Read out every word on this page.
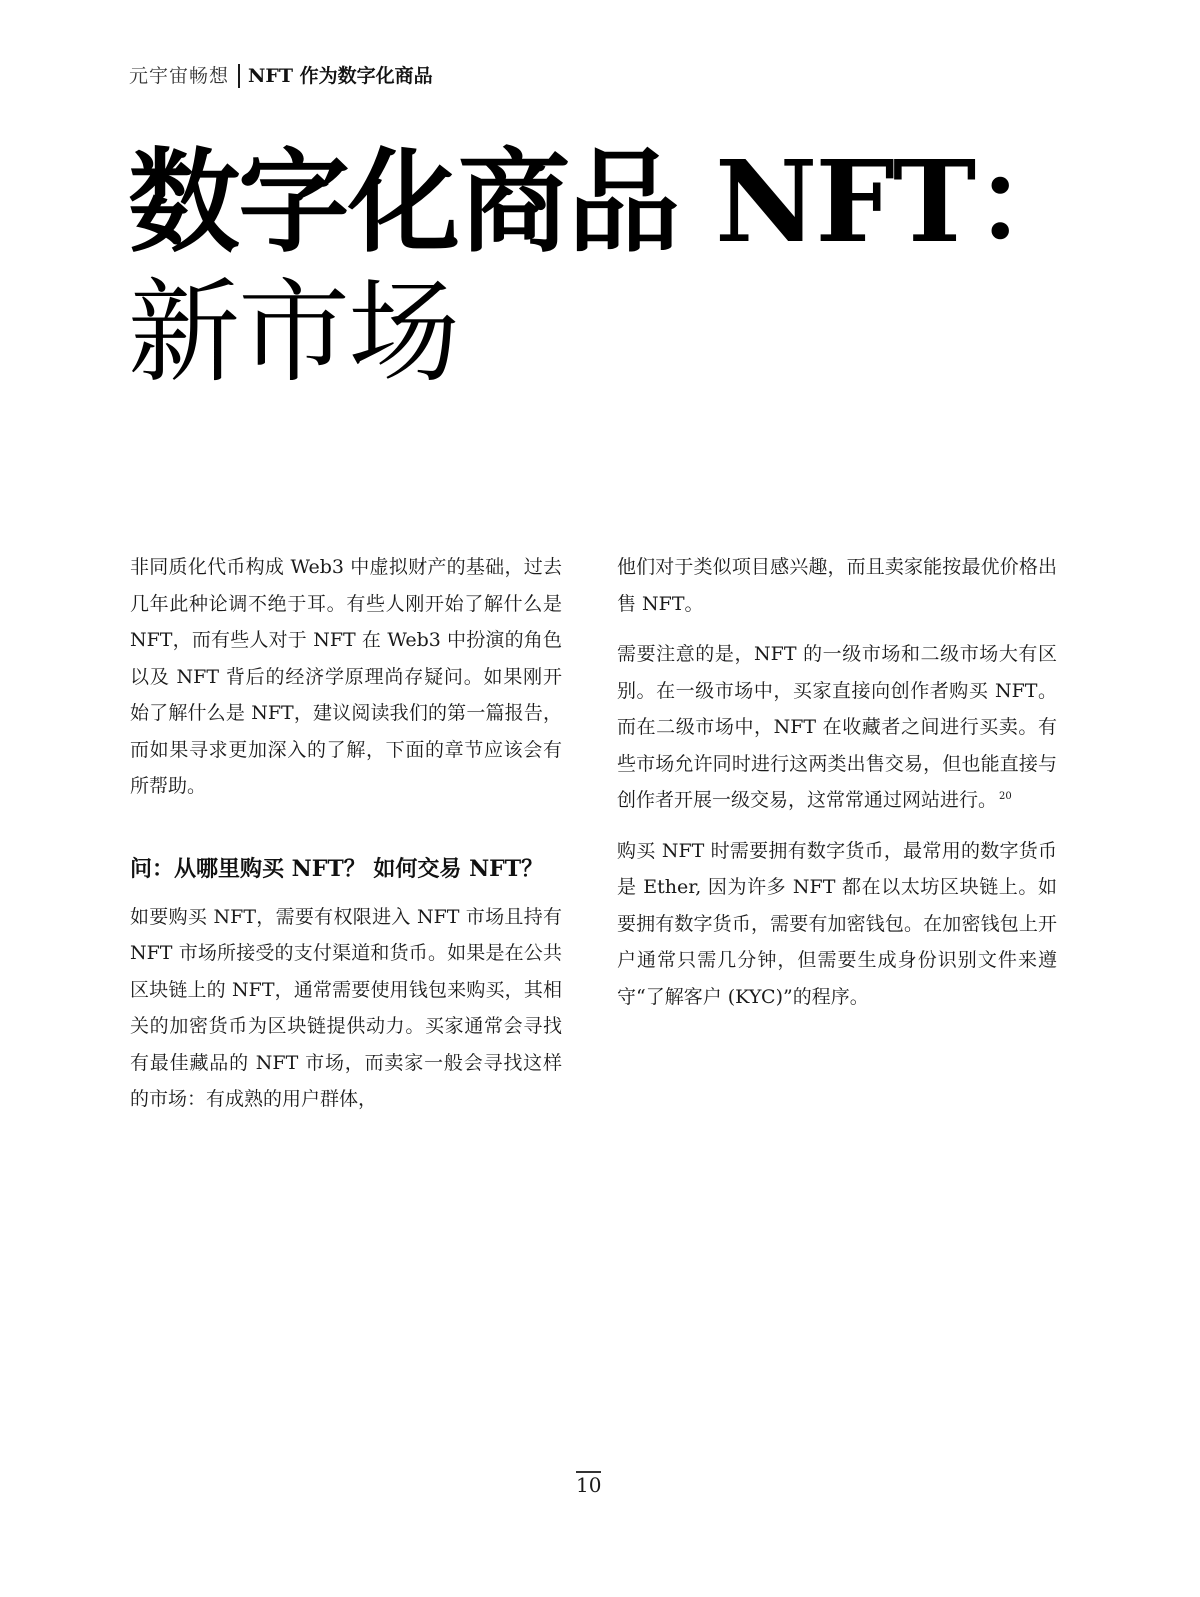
元宇宙畅想 NFT 作为数字化商品
数字化商品 NFT：
新市场

非同质化代币构成 Web3 中虚拟财产的基础，过去几年此种论调不绝于耳。有些人刚开始了解什么是 NFT，而有些人对于 NFT 在 Web3 中扮演的角色以及 NFT 背后的经济学原理尚存疑问。如果刚开始了解什么是 NFT，建议阅读我们的第一篇报告，而如果寻求更加深入的了解，下面的章节应该会有所帮助。

问：从哪里购买 NFT？ 如何交易 NFT？

如要购买 NFT，需要有权限进入 NFT 市场且持有 NFT 市场所接受的支付渠道和货币。如果是在公共区块链上的 NFT，通常需要使用钱包来购买，其相关的加密货币为区块链提供动力。买家通常会寻找有最佳藏品的 NFT 市场，而卖家一般会寻找这样的市场：有成熟的用户群体，

他们对于类似项目感兴趣，而且卖家能按最优价格出售 NFT。

需要注意的是，NFT 的一级市场和二级市场大有区别。在一级市场中，买家直接向创作者购买 NFT。而在二级市场中，NFT 在收藏者之间进行买卖。有些市场允许同时进行这两类出售交易，但也能直接与创作者开展一级交易，这常常通过网站进行。 $^{20}$

购买 NFT 时需要拥有数字货币，最常用的数字货币是 Ether, 因为许多 NFT 都在以太坊区块链上。如要拥有数字货币，需要有加密钱包。在加密钱包上开户通常只需几分钟，但需要生成身份识别文件来遵守“了解客户 (KYC)”的程序。

10
